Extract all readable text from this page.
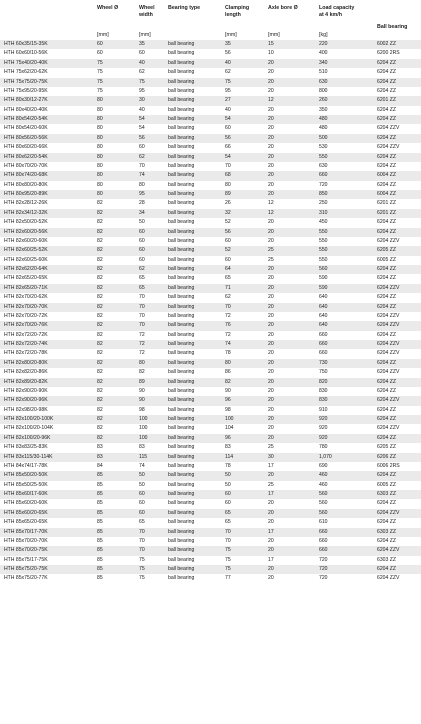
	Wheel Ø	Wheel
width	Bearing type	Clamping
length	Axle bore Ø	Load capacity
at 4 km/h	Ball bearing
	[mm]	[mm]		[mm]	[mm]	[kg]	
HTH 60x35/15-35K	60	35	ball bearing	35	15	220	6002 ZZ
HTH 60x60/10-56K	60	60	ball bearing	56	10	400	6200 2RS
HTH 75x40/20-40K	75	40	ball bearing	40	20	340	6204 ZZ
HTH 75x62/20-62K	75	62	ball bearing	62	20	510	6204 ZZ
HTH 75x75/20-75K	75	75	ball bearing	75	20	630	6204 ZZ
HTH 75x95/20-95K	75	95	ball bearing	95	20	800	6204 ZZ
HTH 80x30/12-27K	80	30	ball bearing	27	12	260	6201 ZZ
HTH 80x40/20-40K	80	40	ball bearing	40	20	350	6204 ZZ
HTH 80x54/20-54K	80	54	ball bearing	54	20	480	6204 ZZ
HTH 80x54/20-60K	80	54	ball bearing	60	20	480	6204 ZZV
HTH 80x56/20-56K	80	56	ball bearing	56	20	500	6204 ZZ
HTH 80x60/20-66K	80	60	ball bearing	66	20	530	6204 ZZV
HTH 80x62/20-54K	80	62	ball bearing	54	20	550	6204 ZZ
HTH 80x70/20-70K	80	70	ball bearing	70	20	630	6204 ZZ
HTH 80x74/20-68K	80	74	ball bearing	68	20	660	6004 ZZ
HTH 80x80/20-80K	80	80	ball bearing	80	20	720	6204 ZZ
HTH 80x95/20-89K	80	95	ball bearing	89	20	850	6004 ZZ
HTH 82x28/12-26K	82	28	ball bearing	26	12	250	6201 ZZ
HTH 82x34/12-32K	82	34	ball bearing	32	12	310	6201 ZZ
HTH 82x50/20-52K	82	50	ball bearing	52	20	450	6204 ZZ
HTH 82x60/20-56K	82	60	ball bearing	56	20	550	6204 ZZ
HTH 82x60/20-60K	82	60	ball bearing	60	20	550	6204 ZZV
HTH 82x60/25-52K	82	60	ball bearing	52	25	550	6205 ZZ
HTH 82x60/25-60K	82	60	ball bearing	60	25	550	6005 ZZ
HTH 82x62/20-64K	82	62	ball bearing	64	20	560	6204 ZZ
HTH 82x65/20-65K	82	65	ball bearing	65	20	590	6204 ZZ
HTH 82x65/20-71K	82	65	ball bearing	71	20	590	6204 ZZV
HTH 82x70/20-62K	82	70	ball bearing	62	20	640	6204 ZZ
HTH 82x70/20-70K	82	70	ball bearing	70	20	640	6204 ZZ
HTH 82x70/20-72K	82	70	ball bearing	72	20	640	6204 ZZV
HTH 82x70/20-76K	82	70	ball bearing	76	20	640	6204 ZZV
HTH 82x72/20-72K	82	72	ball bearing	72	20	660	6204 ZZ
HTH 82x72/20-74K	82	72	ball bearing	74	20	660	6204 ZZV
HTH 82x72/20-78K	82	72	ball bearing	78	20	660	6204 ZZV
HTH 82x80/20-80K	82	80	ball bearing	80	20	730	6204 ZZ
HTH 82x82/20-86K	82	82	ball bearing	86	20	750	6204 ZZV
HTH 82x89/20-82K	82	89	ball bearing	82	20	820	6204 ZZ
HTH 82x90/20-90K	82	90	ball bearing	90	20	830	6204 ZZ
HTH 82x90/20-96K	82	90	ball bearing	96	20	830	6204 ZZV
HTH 82x98/20-98K	82	98	ball bearing	98	20	910	6204 ZZ
HTH 82x100/20-100K	82	100	ball bearing	100	20	920	6204 ZZ
HTH 82x100/20-104K	82	100	ball bearing	104	20	920	6204 ZZV
HTH 82x100/20-96K	82	100	ball bearing	96	20	920	6204 ZZ
HTH 83x83/25-83K	83	83	ball bearing	83	25	780	6205 ZZ
HTH 83x115/30-114K	83	115	ball bearing	114	30	1,070	6206 ZZ
HTH 84x74/17-78K	84	74	ball bearing	78	17	690	6006 2RS
HTH 85x50/20-50K	85	50	ball bearing	50	20	460	6204 ZZ
HTH 85x50/25-50K	85	50	ball bearing	50	25	460	6005 ZZ
HTH 85x60/17-60K	85	60	ball bearing	60	17	560	6303 ZZ
HTH 85x60/20-60K	85	60	ball bearing	60	20	560	6204 ZZ
HTH 85x60/20-65K	85	60	ball bearing	65	20	560	6204 ZZV
HTH 85x65/20-65K	85	65	ball bearing	65	20	610	6204 ZZ
HTH 85x70/17-70K	85	70	ball bearing	70	17	660	6303 ZZ
HTH 85x70/20-70K	85	70	ball bearing	70	20	660	6204 ZZ
HTH 85x70/20-75K	85	70	ball bearing	75	20	660	6204 ZZV
HTH 85x75/17-75K	85	75	ball bearing	75	17	720	6303 ZZ
HTH 85x75/20-75K	85	75	ball bearing	75	20	720	6204 ZZ
HTH 85x75/20-77K	85	75	ball bearing	77	20	720	6204 ZZV
